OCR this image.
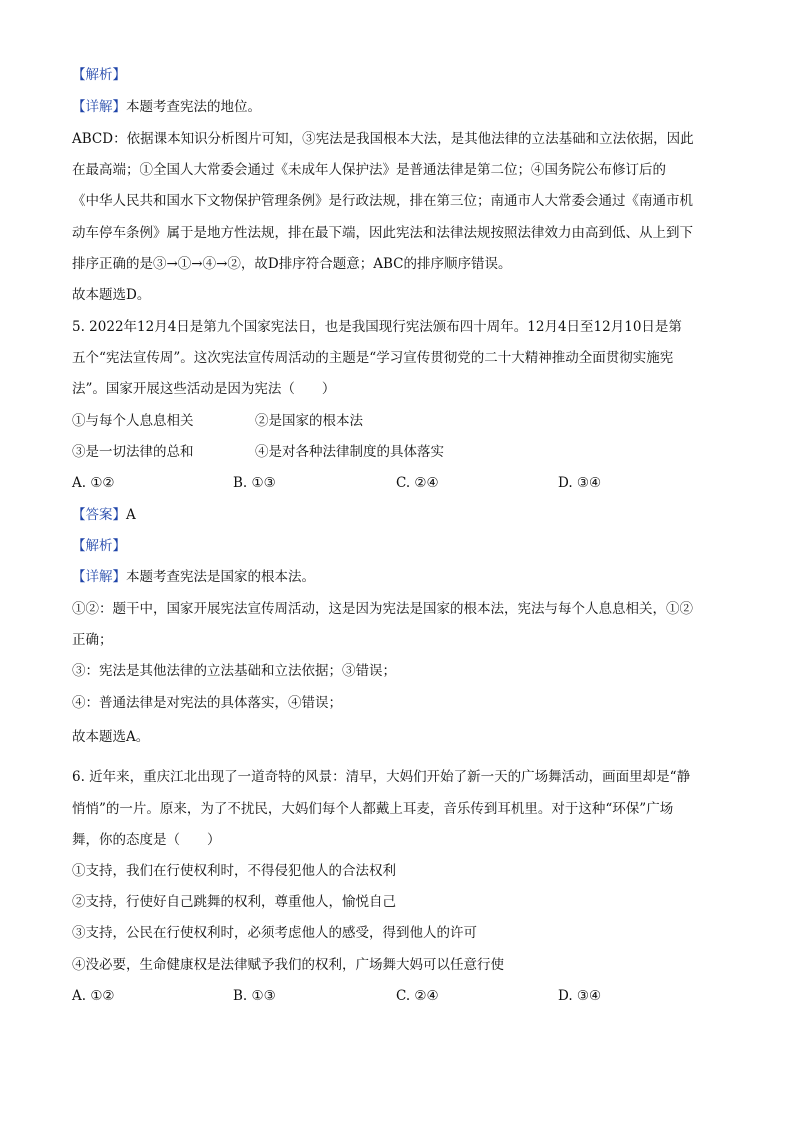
【解析】
【详解】本题考查宪法的地位。
ABCD：依据课本知识分析图片可知，③宪法是我国根本大法，是其他法律的立法基础和立法依据，因此
在最高端；①全国人大常委会通过《未成年人保护法》是普通法律是第二位；④国务院公布修订后的
《中华人民共和国水下文物保护管理条例》是行政法规，排在第三位；南通市人大常委会通过《南通市机
动车停车条例》属于是地方性法规，排在最下端，因此宪法和法律法规按照法律效力由高到低、从上到下
排序正确的是③→①→④→②，故D排序符合题意；ABC的排序顺序错误。
故本题选D。
5. 2022年12月4日是第九个国家宪法日，也是我国现行宪法颁布四十周年。12月4日至12月10日是第
五个“宪法宣传周”。这次宪法宣传周活动的主题是“学习宣传贯彻党的二十大精神推动全面贯彻实施宪
法”。国家开展这些活动是因为宪法（　　）
①与每个人息息相关	②是国家的根本法
③是一切法律的总和	④是对各种法律制度的具体落实
A. ①②	B. ①③	C. ②④	D. ③④
【答案】A
【解析】
【详解】本题考查宪法是国家的根本法。
①②：题干中，国家开展宪法宣传周活动，这是因为宪法是国家的根本法，宪法与每个人息息相关，①②
正确；
③：宪法是其他法律的立法基础和立法依据；③错误；
④：普通法律是对宪法的具体落实，④错误；
故本题选A。
6. 近年来，重庆江北出现了一道奇特的风景：清早，大妈们开始了新一天的广场舞活动，画面里却是“静
悄悄”的一片。原来，为了不扰民，大妈们每个人都戴上耳麦，音乐传到耳机里。对于这种“环保”广场
舞，你的态度是（　　）
①支持，我们在行使权利时，不得侵犯他人的合法权利
②支持，行使好自己跳舞的权利，尊重他人，愉悦自己
③支持，公民在行使权利时，必须考虑他人的感受，得到他人的许可
④没必要，生命健康权是法律赋予我们的权利，广场舞大妈可以任意行使
A. ①②	B. ①③	C. ②④	D. ③④
